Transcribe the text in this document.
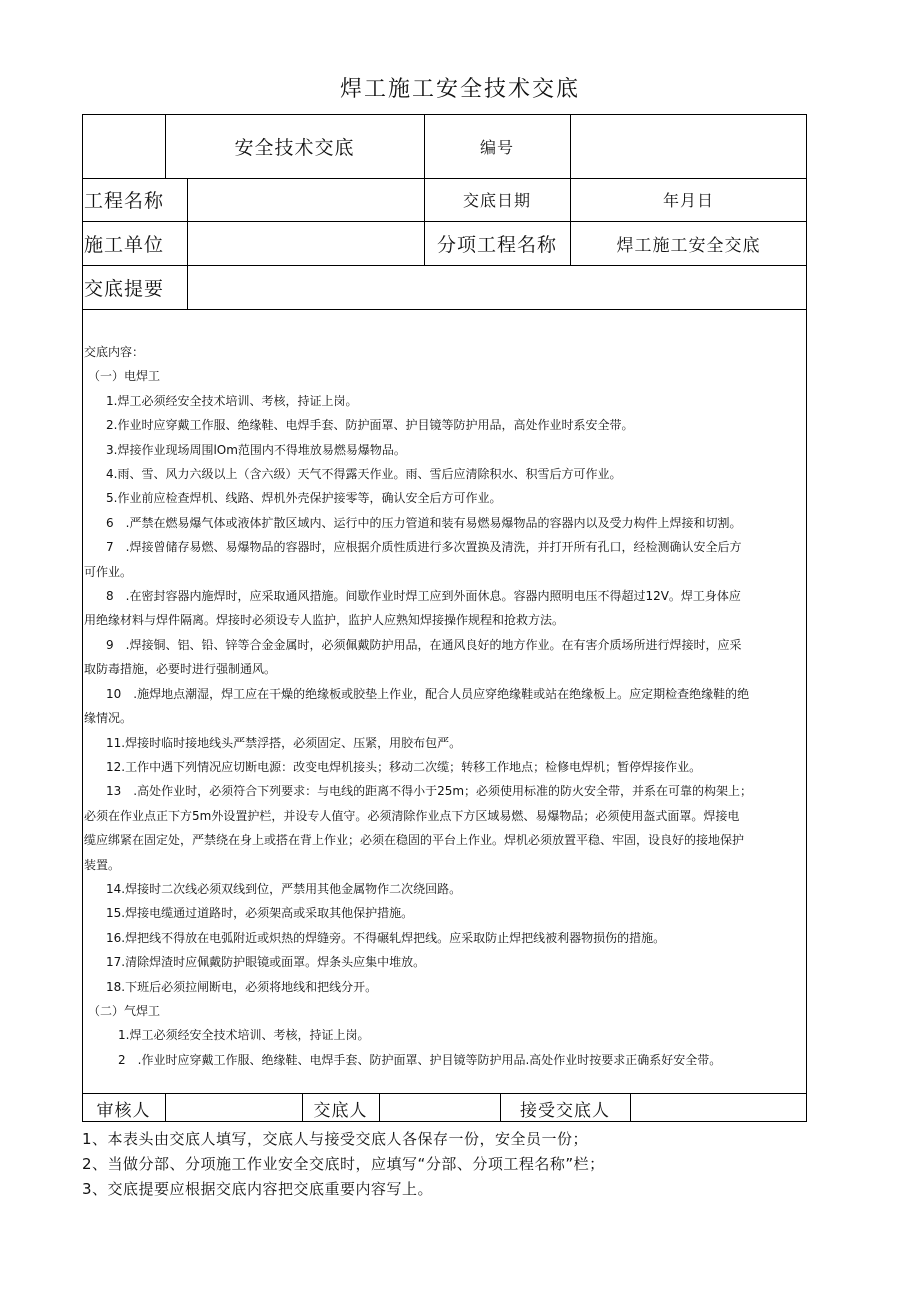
焊工施工安全技术交底
安全技术交底	编号
工程名称	交底日期	年月日
施工单位	分项工程名称	焊工施工安全交底
交底提要

交底内容：

（一）电焊工

1.焊工必须经安全技术培训、考核，持证上岗。

2.作业时应穿戴工作服、绝缘鞋、电焊手套、防护面罩、护目镜等防护用品，高处作业时系安全带。

3.焊接作业现场周围lOm范围内不得堆放易燃易爆物品。

4.雨、雪、风力六级以上（含六级）天气不得露天作业。雨、雪后应清除积水、积雪后方可作业。

5.作业前应检查焊机、线路、焊机外壳保护接零等，确认安全后方可作业。

6　.严禁在燃易爆气体或液体扩散区域内、运行中的压力管道和装有易燃易爆物品的容器内以及受力构件上焊接和切割。

7　.焊接曾储存易燃、易爆物品的容器时，应根据介质性质进行多次置换及清洗，并打开所有孔口，经检测确认安全后方

可作业。

8　.在密封容器内施焊时，应采取通风措施。间歇作业时焊工应到外面休息。容器内照明电压不得超过12V。焊工身体应

用绝缘材料与焊件隔离。焊接时必须设专人监护，监护人应熟知焊接操作规程和抢救方法。

9　.焊接铜、铝、铅、锌等合金金属时，必须佩戴防护用品，在通风良好的地方作业。在有害介质场所进行焊接时，应采

取防毒措施，必要时进行强制通风。

10　.施焊地点潮湿，焊工应在干燥的绝缘板或胶垫上作业，配合人员应穿绝缘鞋或站在绝缘板上。应定期检查绝缘鞋的绝

缘情况。

11.焊接时临时接地线头严禁浮搭，必须固定、压紧，用胶布包严。

12.工作中遇下列情况应切断电源：改变电焊机接头；移动二次缆；转移工作地点；检修电焊机；暂停焊接作业。

13　.高处作业时，必须符合下列要求：与电线的距离不得小于25m；必须使用标准的防火安全带，并系在可靠的构架上；

必须在作业点正下方5m外设置护栏，并设专人值守。必须清除作业点下方区域易燃、易爆物品；必须使用盔式面罩。焊接电

缆应绑紧在固定处，严禁绕在身上或搭在背上作业；必须在稳固的平台上作业。焊机必须放置平稳、牢固，设良好的接地保护

装置。

14.焊接时二次线必须双线到位，严禁用其他金属物作二次绕回路。

15.焊接电缆通过道路时，必须架高或采取其他保护措施。

16.焊把线不得放在电弧附近或炽热的焊缝旁。不得碾轧焊把线。应采取防止焊把线被利器物损伤的措施。

17.清除焊渣时应佩戴防护眼镜或面罩。焊条头应集中堆放。

18.下班后必须拉闸断电，必须将地线和把线分开。

（二）气焊工

1.焊工必须经安全技术培训、考核，持证上岗。

2　.作业时应穿戴工作服、绝缘鞋、电焊手套、防护面罩、护目镜等防护用品.高处作业时按要求正确系好安全带。

审核人	交底人	接受交底人

1、本表头由交底人填写，交底人与接受交底人各保存一份，安全员一份；

2、当做分部、分项施工作业安全交底时，应填写“分部、分项工程名称”栏；

3、交底提要应根据交底内容把交底重要内容写上。
